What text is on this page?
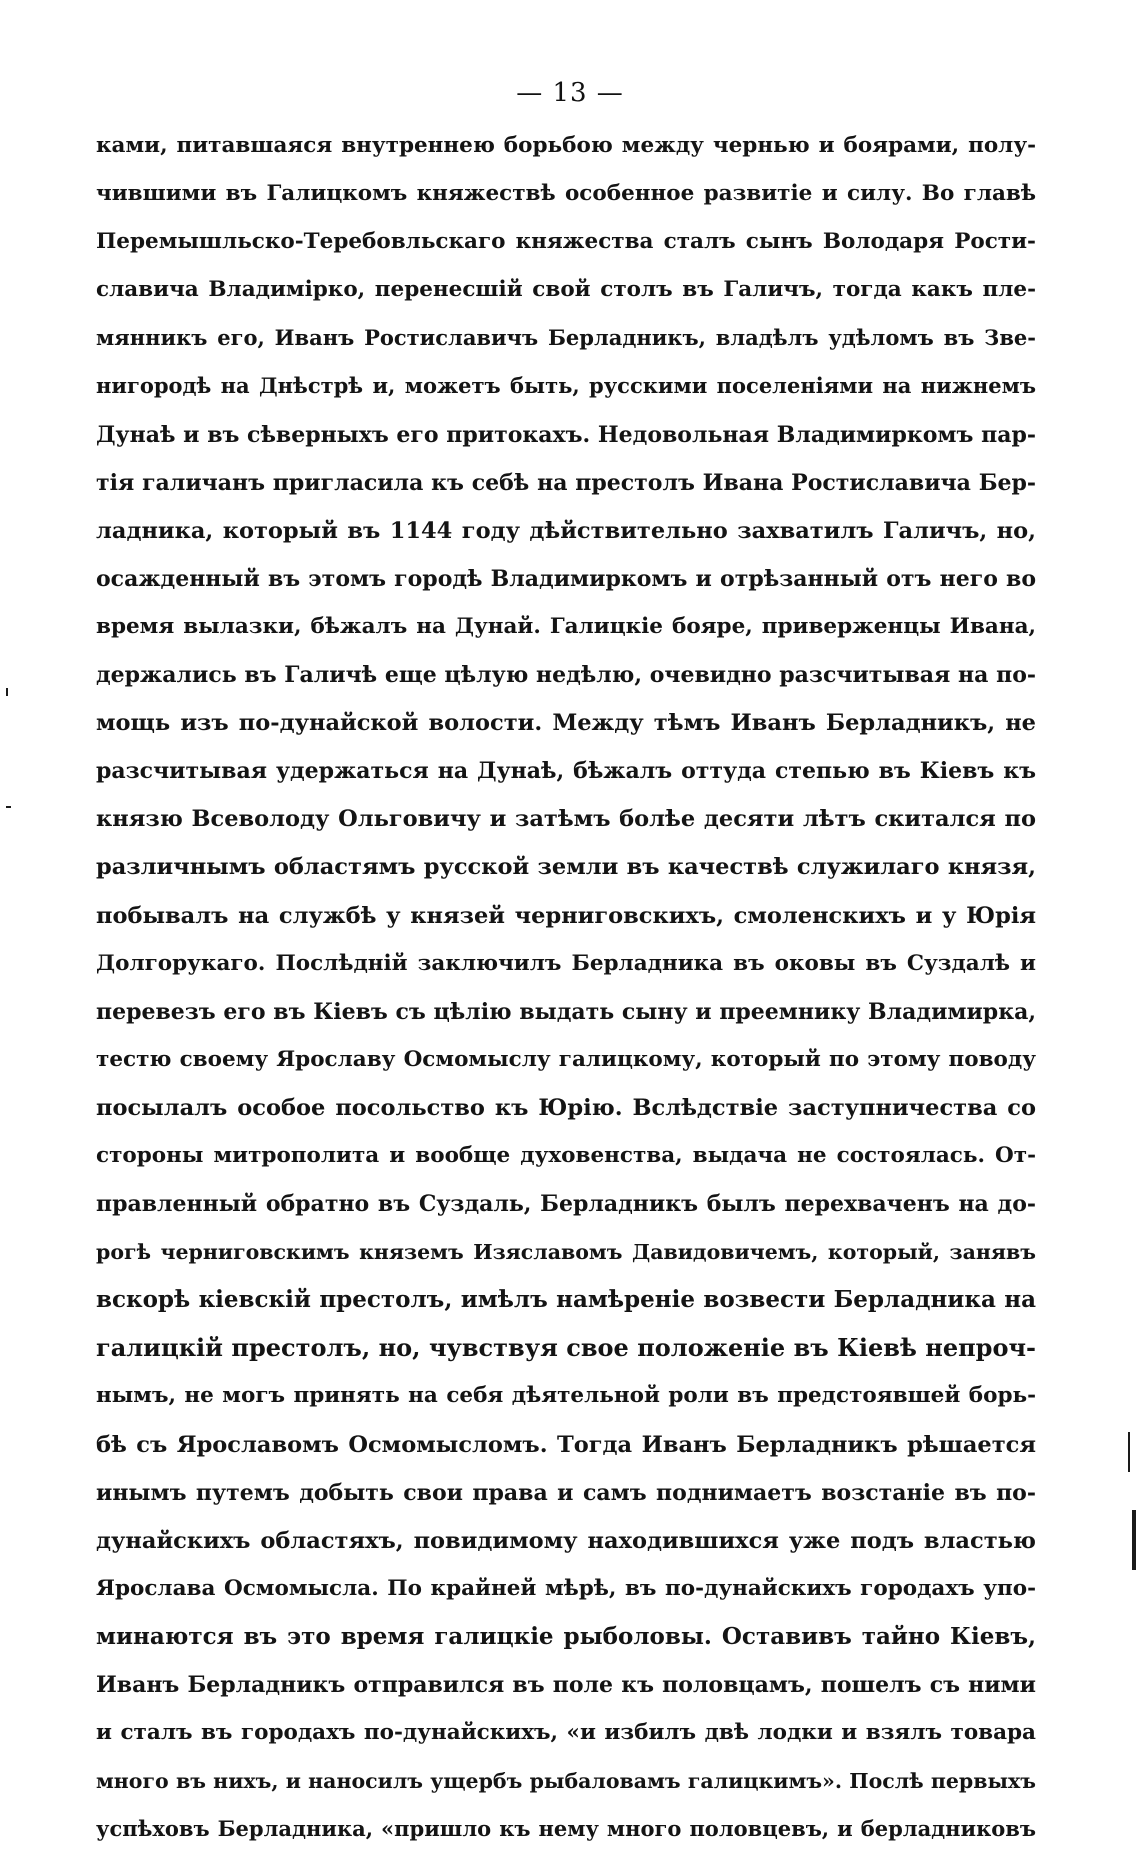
— 13 —
ками, питавшаяся внутреннею борьбою между чернью и боярами, полу-
чившими въ Галицкомъ княжествѣ особенное развитіе и силу. Во главѣ
Перемышльско-Теребовльскаго княжества сталъ сынъ Володаря Рости-
славича Владимірко, перенесшій свой столъ въ Галичъ, тогда какъ пле-
мянникъ его, Иванъ Ростиславичъ Берладникъ, владѣлъ удѣломъ въ Зве-
нигородѣ на Днѣстрѣ и, можетъ быть, русскими поселеніями на нижнемъ
Дунаѣ и въ сѣверныхъ его притокахъ. Недовольная Владимиркомъ пар-
тія галичанъ пригласила къ себѣ на престолъ Ивана Ростиславича Бер-
ладника, который въ 1144 году дѣйствительно захватилъ Галичъ, но,
осажденный въ этомъ городѣ Владимиркомъ и отрѣзанный отъ него во
время вылазки, бѣжалъ на Дунай. Галицкіе бояре, приверженцы Ивана,
держались въ Галичѣ еще цѣлую недѣлю, очевидно разсчитывая на по-
мощь изъ по-дунайской волости. Между тѣмъ Иванъ Берладникъ, не
разсчитывая удержаться на Дунаѣ, бѣжалъ оттуда степью въ Кіевъ къ
князю Всеволоду Ольговичу и затѣмъ болѣе десяти лѣтъ скитался по
различнымъ областямъ русской земли въ качествѣ служилаго князя,
побывалъ на службѣ у князей черниговскихъ, смоленскихъ и у Юрія
Долгорукаго. Послѣдній заключилъ Берладника въ оковы въ Суздалѣ и
перевезъ его въ Кіевъ съ цѣлію выдать сыну и преемнику Владимирка,
тестю своему Ярославу Осмомыслу галицкому, который по этому поводу
посылалъ особое посольство къ Юрію. Вслѣдствіе заступничества со
стороны митрополита и вообще духовенства, выдача не состоялась. От-
правленный обратно въ Суздаль, Берладникъ былъ перехваченъ на до-
рогѣ черниговскимъ княземъ Изяславомъ Давидовичемъ, который, занявъ
вскорѣ кіевскій престолъ, имѣлъ намѣреніе возвести Берладника на
галицкій престолъ, но, чувствуя свое положеніе въ Кіевѣ непроч-
нымъ, не могъ принять на себя дѣятельной роли въ предстоявшей борь-
бѣ съ Ярославомъ Осмомысломъ. Тогда Иванъ Берладникъ рѣшается
инымъ путемъ добыть свои права и самъ поднимаетъ возстаніе въ по-
дунайскихъ областяхъ, повидимому находившихся уже подъ властью
Ярослава Осмомысла. По крайней мѣрѣ, въ по-дунайскихъ городахъ упо-
минаются въ это время галицкіе рыболовы. Оставивъ тайно Кіевъ,
Иванъ Берладникъ отправился въ поле къ половцамъ, пошелъ съ ними
и сталъ въ городахъ по-дунайскихъ, «и избилъ двѣ лодки и взялъ товара
много въ нихъ, и наносилъ ущербъ рыбаловамъ галицкимъ». Послѣ первыхъ
успѣховъ Берладника, «пришло къ нему много половцевъ, и берладниковъ
